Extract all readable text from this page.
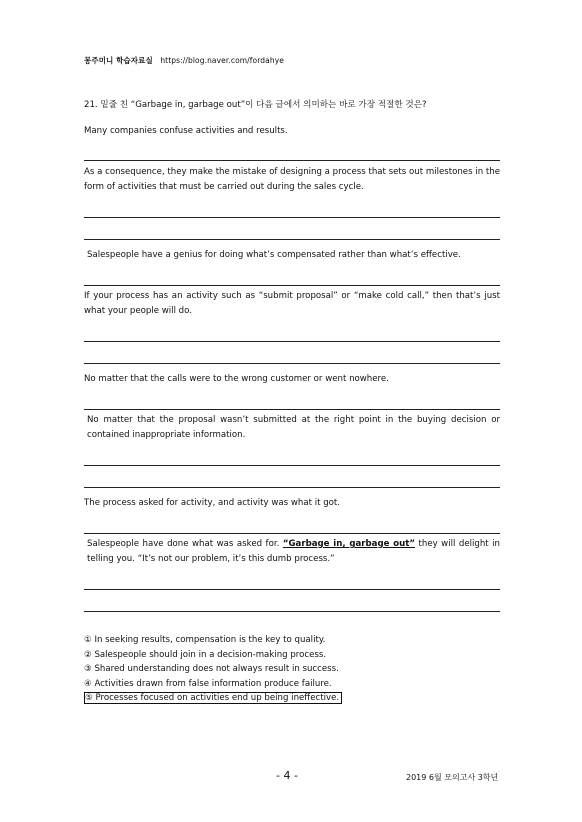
몽주미니 학습자료실 https://blog.naver.com/fordahye
21. 밑줄 친 “Garbage in, garbage out”이 다음 글에서 의미하는 바로 가장 적절한 것은?
Many companies confuse activities and results.
As a consequence, they make the mistake of designing a process that sets out milestones in the form of activities that must be carried out during the sales cycle.
Salespeople have a genius for doing what’s compensated rather than what’s effective.
If your process has an activity such as “submit proposal” or “make cold call,” then that’s just what your people will do.
No matter that the calls were to the wrong customer or went nowhere.
No matter that the proposal wasn’t submitted at the right point in the buying decision or contained inappropriate information.
The process asked for activity, and activity was what it got.
Salespeople have done what was asked for. “Garbage in, garbage out” they will delight in telling you. “It’s not our problem, it’s this dumb process.”
① In seeking results, compensation is the key to quality.
② Salespeople should join in a decision-making process.
③ Shared understanding does not always result in success.
④ Activities drawn from false information produce failure.
⑤ Processes focused on activities end up being ineffective.
- 4 -	2019 6월 모의고사 3학년
